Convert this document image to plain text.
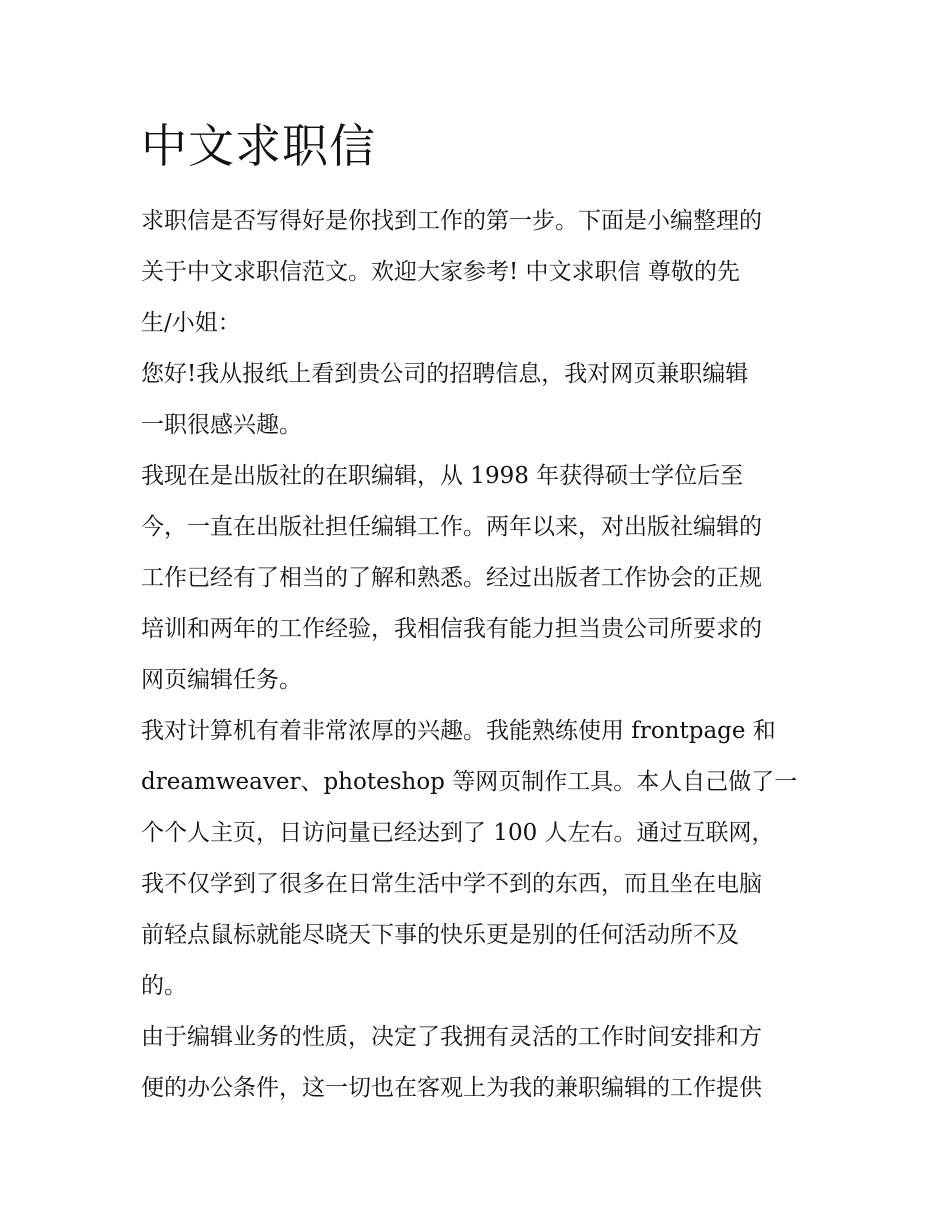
中文求职信
求职信是否写得好是你找到工作的第一步。下面是小编整理的
关于中文求职信范文。欢迎大家参考! 中文求职信 尊敬的先
生/小姐：
您好!我从报纸上看到贵公司的招聘信息，我对网页兼职编辑
一职很感兴趣。
我现在是出版社的在职编辑，从 1998 年获得硕士学位后至
今，一直在出版社担任编辑工作。两年以来，对出版社编辑的
工作已经有了相当的了解和熟悉。经过出版者工作协会的正规
培训和两年的工作经验，我相信我有能力担当贵公司所要求的
网页编辑任务。
我对计算机有着非常浓厚的兴趣。我能熟练使用 frontpage 和
dreamweaver、photeshop 等网页制作工具。本人自己做了一
个个人主页，日访问量已经达到了 100 人左右。通过互联网，
我不仅学到了很多在日常生活中学不到的东西，而且坐在电脑
前轻点鼠标就能尽晓天下事的快乐更是别的任何活动所不及
的。
由于编辑业务的性质，决定了我拥有灵活的工作时间安排和方
便的办公条件，这一切也在客观上为我的兼职编辑的工作提供
